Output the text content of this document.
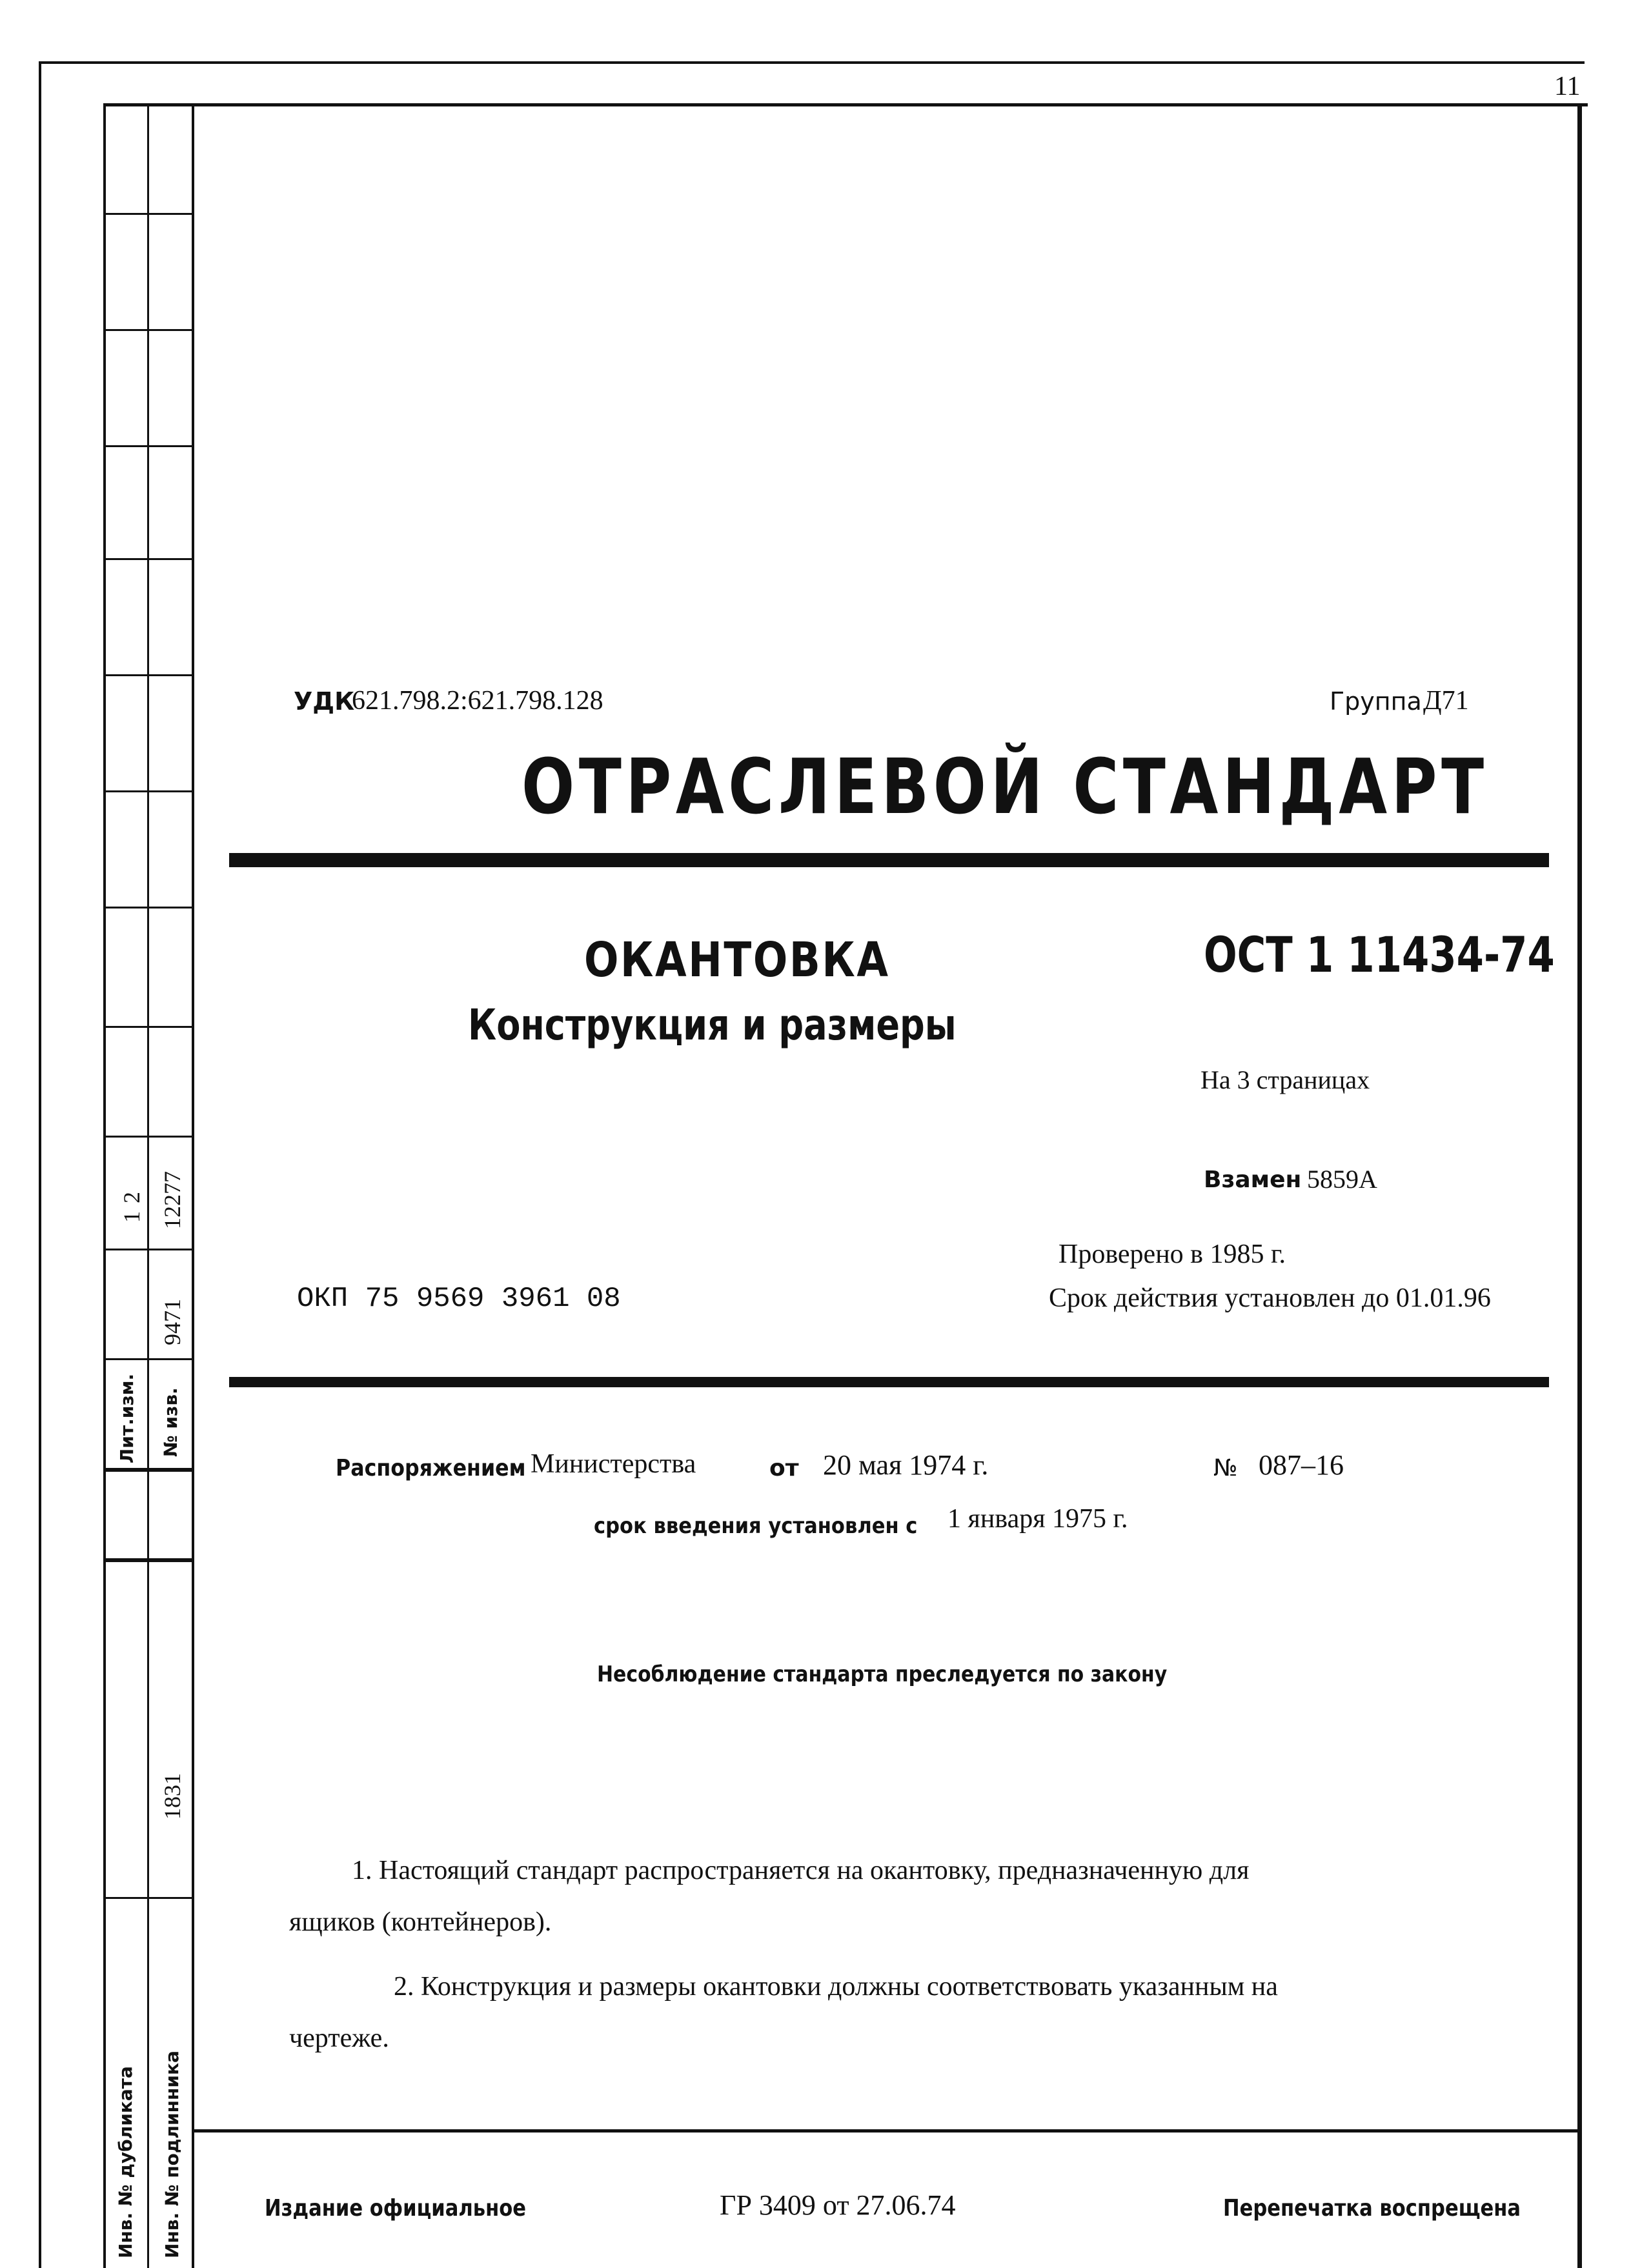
11
1
2
9471
12277
Лит.изм. № изв.
Инв. № дубликата Инв. № подлинника
1831
УДК
621.798.2:621.798.128	Группа Д71
ОТРАСЛЕВОЙ СТАНДАРТ
ОКАНТОВКА
Конструкция и размеры
ОСТ 1 11434-74
На 3 страницах
Взамен 5859А
Проверено в 1985 г.
Срок действия установлен до 01.01.96
ОКП 75 9569 3961 08
Распоряжением Министерства	от 20 мая 1974 г.	№ 087–16
срок введения установлен с 1 января 1975 г.
Несоблюдение стандарта преследуется по закону
1. Настоящий стандарт распространяется на окантовку, предназначенную для
ящиков (контейнеров).
2. Конструкция и размеры окантовки должны соответствовать указанным на
чертеже.
Издание официальное	ГР 3409 от 27.06.74	Перепечатка воспрещена
